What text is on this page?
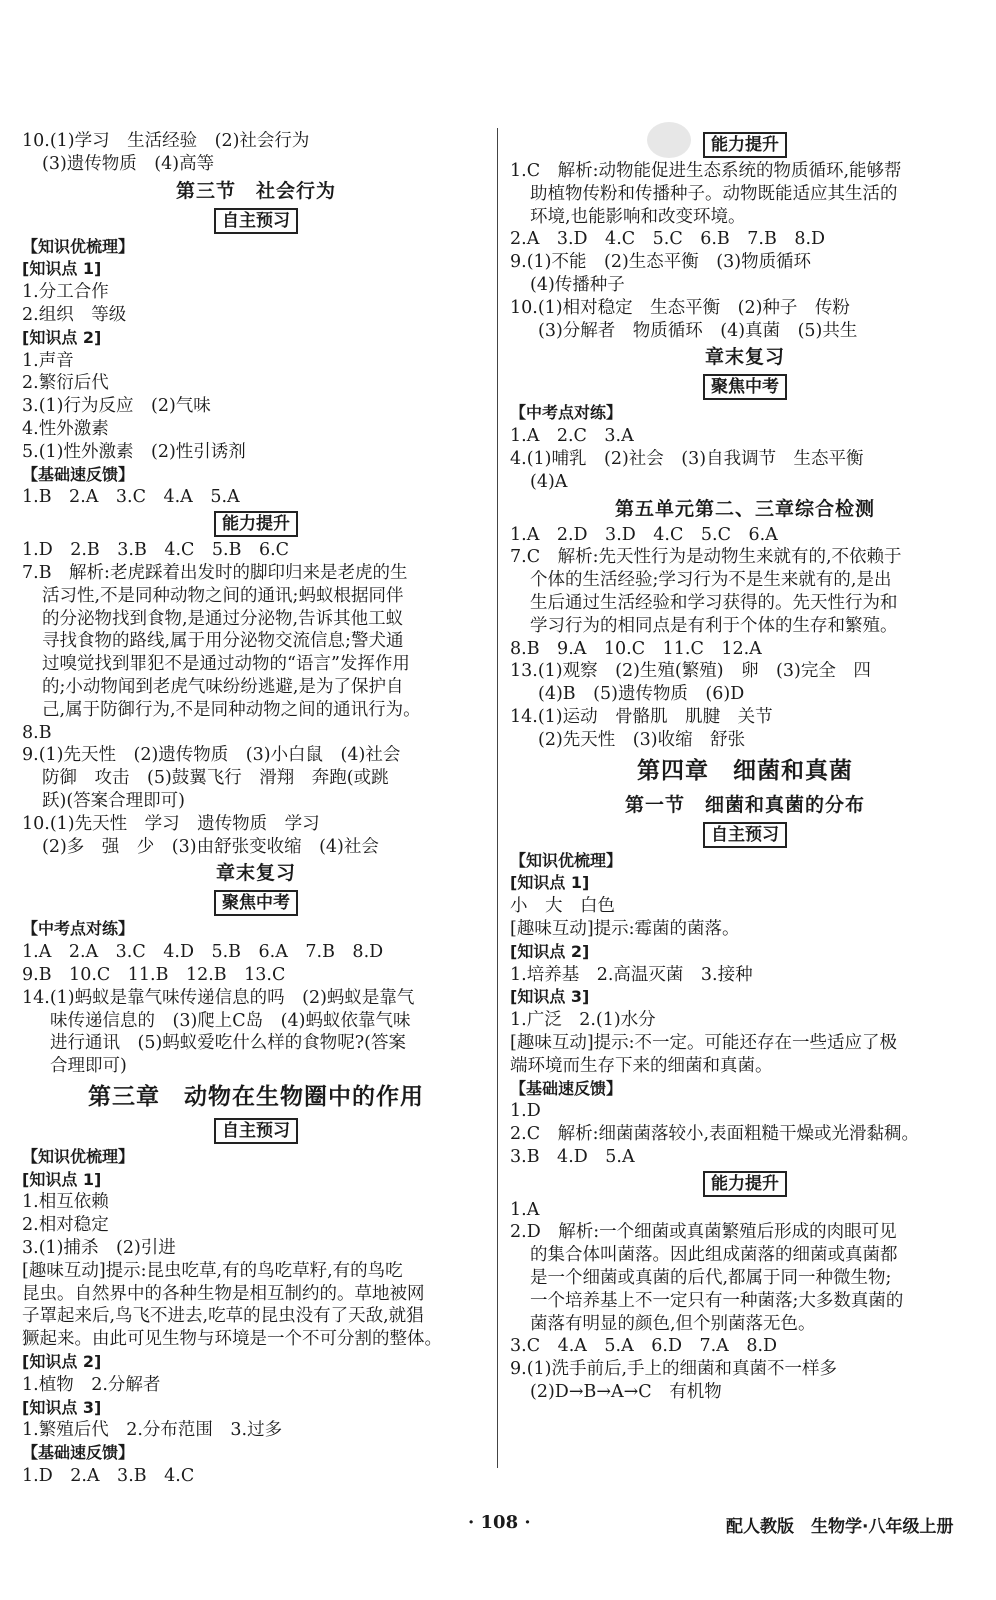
10.(1)学习　生活经验　(2)社会行为
(3)遗传物质　(4)高等
第三节　社会行为
自主预习
【知识优梳理】
[知识点 1]
1.分工合作
2.组织　等级
[知识点 2]
1.声音
2.繁衍后代
3.(1)行为反应　(2)气味
4.性外激素
5.(1)性外激素　(2)性引诱剂
【基础速反馈】
1.B　2.A　3.C　4.A　5.A
能力提升
1.D　2.B　3.B　4.C　5.B　6.C
7.B　解析:老虎踩着出发时的脚印归来是老虎的生
活习性,不是同种动物之间的通讯;蚂蚁根据同伴
的分泌物找到食物,是通过分泌物,告诉其他工蚁
寻找食物的路线,属于用分泌物交流信息;警犬通
过嗅觉找到罪犯不是通过动物的“语言”发挥作用
的;小动物闻到老虎气味纷纷逃避,是为了保护自
己,属于防御行为,不是同种动物之间的通讯行为。
8.B
9.(1)先天性　(2)遗传物质　(3)小白鼠　(4)社会
防御　攻击　(5)鼓翼飞行　滑翔　奔跑(或跳
跃)(答案合理即可)
10.(1)先天性　学习　遗传物质　学习
(2)多　强　少　(3)由舒张变收缩　(4)社会
章末复习
聚焦中考
【中考点对练】
1.A　2.A　3.C　4.D　5.B　6.A　7.B　8.D
9.B　10.C　11.B　12.B　13.C
14.(1)蚂蚁是靠气味传递信息的吗　(2)蚂蚁是靠气
味传递信息的　(3)爬上C岛　(4)蚂蚁依靠气味
进行通讯　(5)蚂蚁爱吃什么样的食物呢?(答案
合理即可)
第三章　动物在生物圈中的作用
自主预习
【知识优梳理】
[知识点 1]
1.相互依赖
2.相对稳定
3.(1)捕杀　(2)引进
[趣味互动]提示:昆虫吃草,有的鸟吃草籽,有的鸟吃
昆虫。自然界中的各种生物是相互制约的。草地被网
子罩起来后,鸟飞不进去,吃草的昆虫没有了天敌,就猖
獗起来。由此可见生物与环境是一个不可分割的整体。
[知识点 2]
1.植物　2.分解者
[知识点 3]
1.繁殖后代　2.分布范围　3.过多
【基础速反馈】
1.D　2.A　3.B　4.C
能力提升
1.C　解析:动物能促进生态系统的物质循环,能够帮
助植物传粉和传播种子。动物既能适应其生活的
环境,也能影响和改变环境。
2.A　3.D　4.C　5.C　6.B　7.B　8.D
9.(1)不能　(2)生态平衡　(3)物质循环
(4)传播种子
10.(1)相对稳定　生态平衡　(2)种子　传粉
(3)分解者　物质循环　(4)真菌　(5)共生
章末复习
聚焦中考
【中考点对练】
1.A　2.C　3.A
4.(1)哺乳　(2)社会　(3)自我调节　生态平衡
(4)A
第五单元第二、三章综合检测
1.A　2.D　3.D　4.C　5.C　6.A
7.C　解析:先天性行为是动物生来就有的,不依赖于
个体的生活经验;学习行为不是生来就有的,是出
生后通过生活经验和学习获得的。先天性行为和
学习行为的相同点是有利于个体的生存和繁殖。
8.B　9.A　10.C　11.C　12.A
13.(1)观察　(2)生殖(繁殖)　卵　(3)完全　四
(4)B　(5)遗传物质　(6)D
14.(1)运动　骨骼肌　肌腱　关节
(2)先天性　(3)收缩　舒张
第四章　细菌和真菌
第一节　细菌和真菌的分布
自主预习
【知识优梳理】
[知识点 1]
小　大　白色
[趣味互动]提示:霉菌的菌落。
[知识点 2]
1.培养基　2.高温灭菌　3.接种
[知识点 3]
1.广泛　2.(1)水分
[趣味互动]提示:不一定。可能还存在一些适应了极
端环境而生存下来的细菌和真菌。
【基础速反馈】
1.D
2.C　解析:细菌菌落较小,表面粗糙干燥或光滑黏稠。
3.B　4.D　5.A
能力提升
1.A
2.D　解析:一个细菌或真菌繁殖后形成的肉眼可见
的集合体叫菌落。因此组成菌落的细菌或真菌都
是一个细菌或真菌的后代,都属于同一种微生物;
一个培养基上不一定只有一种菌落;大多数真菌的
菌落有明显的颜色,但个别菌落无色。
3.C　4.A　5.A　6.D　7.A　8.D
9.(1)洗手前后,手上的细菌和真菌不一样多
(2)D→B→A→C　有机物
· 108 ·	配人教版　生物学·八年级上册
